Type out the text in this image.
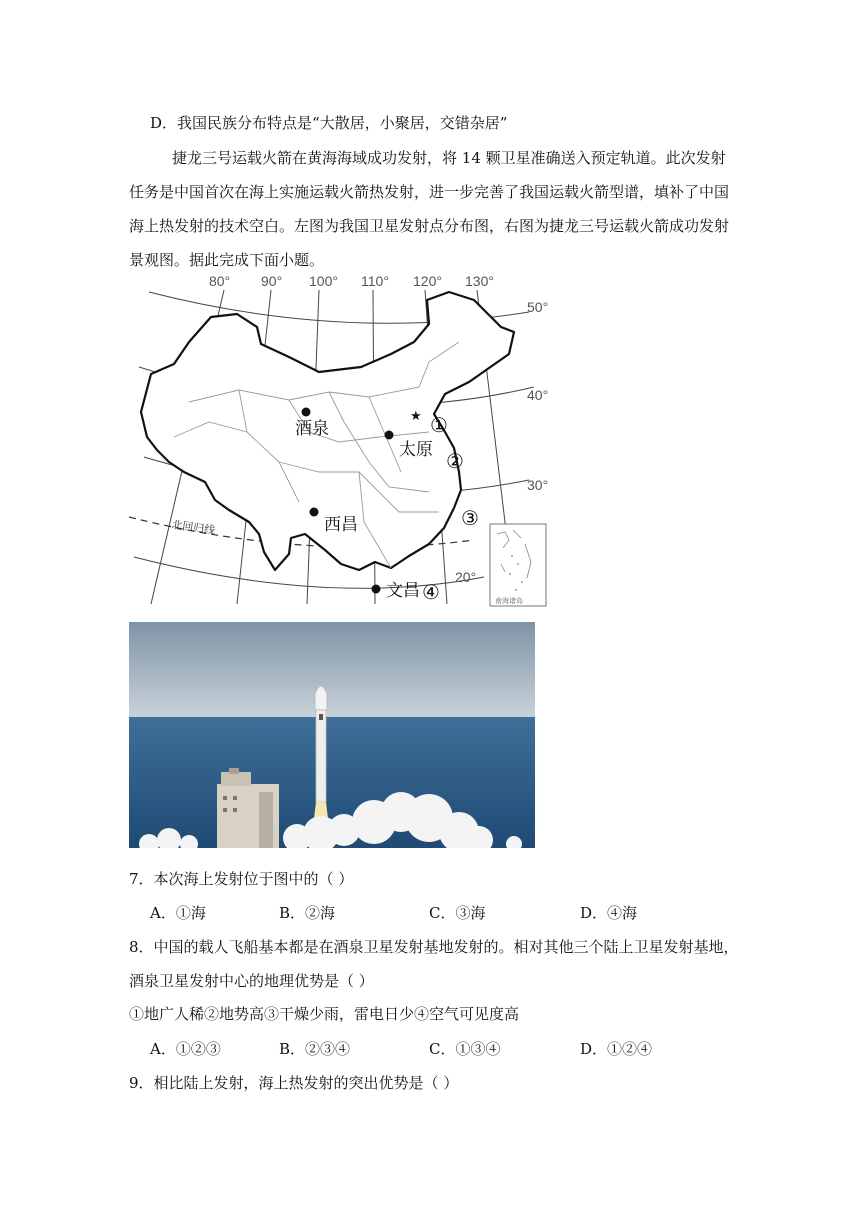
D．我国民族分布特点是“大散居，小聚居，交错杂居”
捷龙三号运载火箭在黄海海域成功发射，将 14 颗卫星准确送入预定轨道。此次发射
任务是中国首次在海上实施运载火箭热发射，进一步完善了我国运载火箭型谱，填补了中国
海上热发射的技术空白。左图为我国卫星发射点分布图，右图为捷龙三号运载火箭成功发射
景观图。据此完成下面小题。
80° 90° 100° 110° 120° 130°
50°
40°
30°
20°
北回归线
酒泉
太原
西昌
文昌
★ ①
②
③
④	南海诸岛
7．本次海上发射位于图中的（ ）
A．①海	B．②海	C．③海	D．④海
8．中国的载人飞船基本都是在酒泉卫星发射基地发射的。相对其他三个陆上卫星发射基地，
酒泉卫星发射中心的地理优势是（ ）
①地广人稀②地势高③干燥少雨，雷电日少④空气可见度高
A．①②③	B．②③④	C．①③④	D．①②④
9．相比陆上发射，海上热发射的突出优势是（ ）
